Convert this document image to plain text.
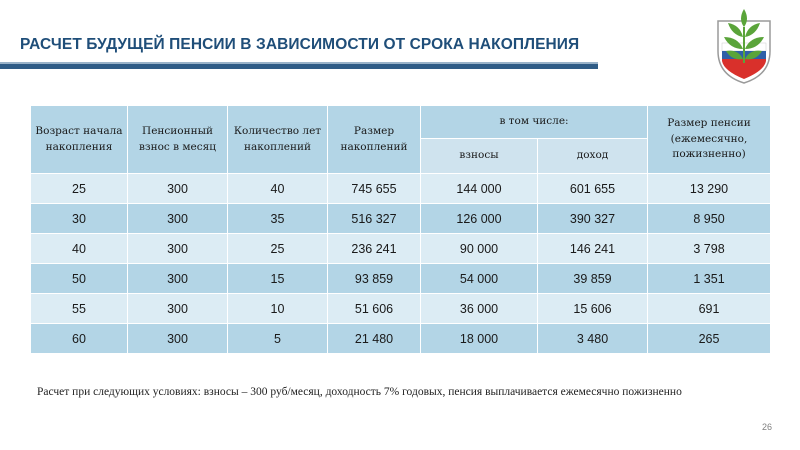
РАСЧЕТ БУДУЩЕЙ ПЕНСИИ В ЗАВИСИМОСТИ ОТ СРОКА НАКОПЛЕНИЯ
Возраст начала накопления	Пенсионный взнос в месяц	Количество лет накоплений	Размер накоплений	в том числе:		Размер пенсии (ежемесячно, пожизненно)
				взносы	доход	
25	300	40	745 655	144 000	601 655	13 290
30	300	35	516 327	126 000	390 327	8 950
40	300	25	236 241	90 000	146 241	3 798
50	300	15	93 859	54 000	39 859	1 351
55	300	10	51 606	36 000	15 606	691
60	300	5	21 480	18 000	3 480	265
Расчет при следующих условиях: взносы – 300 руб/месяц, доходность 7% годовых, пенсия выплачивается ежемесячно пожизненно
26
